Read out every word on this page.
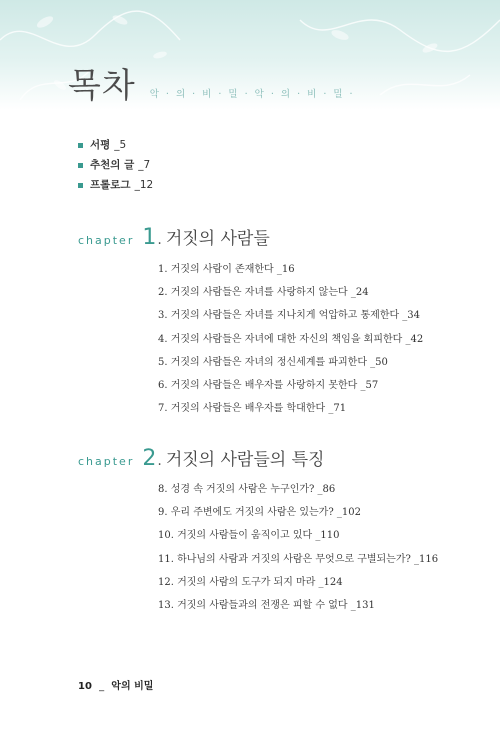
목차 악 · 의 · 비 · 밀 · 악 · 의 · 비 · 밀 ·
서평 _5
추천의 글 _7
프롤로그 _12
chapter 1 . 거짓의 사람들
1. 거짓의 사람이 존재한다 _16
2. 거짓의 사람들은 자녀를 사랑하지 않는다 _24
3. 거짓의 사람들은 자녀를 지나치게 억압하고 통제한다 _34
4. 거짓의 사람들은 자녀에 대한 자신의 책임을 회피한다 _42
5. 거짓의 사람들은 자녀의 정신세계를 파괴한다 _50
6. 거짓의 사람들은 배우자를 사랑하지 못한다 _57
7. 거짓의 사람들은 배우자를 학대한다 _71
chapter 2 . 거짓의 사람들의 특징
8. 성경 속 거짓의 사람은 누구인가? _86
9. 우리 주변에도 거짓의 사람은 있는가? _102
10. 거짓의 사람들이 움직이고 있다 _110
11. 하나님의 사람과 거짓의 사람은 무엇으로 구별되는가? _116
12. 거짓의 사람의 도구가 되지 마라 _124
13. 거짓의 사람들과의 전쟁은 피할 수 없다 _131
10 _ 악의 비밀
